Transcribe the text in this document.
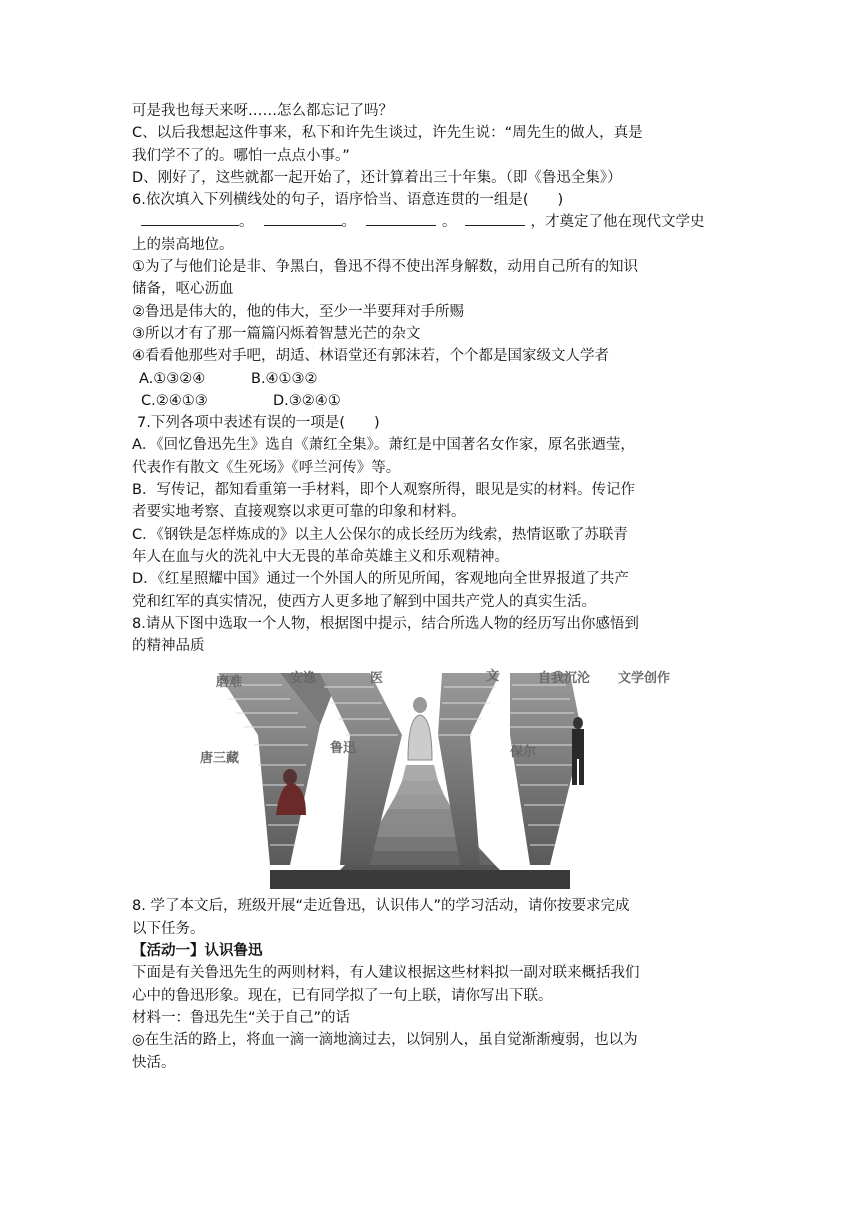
可是我也每天来呀……怎么都忘记了吗？

C、以后我想起这件事来，私下和许先生谈过，许先生说：“周先生的做人，真是

我们学不了的。哪怕一点点小事。”

D、刚好了，这些就都一起开始了，还计算着出三十年集。（即《鲁迅全集》）

6.依次填入下列横线处的句子，语序恰当、语意连贯的一组是(　　)

。	。	。	，才奠定了他在现代文学史

上的崇高地位。

①为了与他们论是非、争黑白，鲁迅不得不使出浑身解数，动用自己所有的知识

储备，呕心沥血

②鲁迅是伟大的，他的伟大，至少一半要拜对手所赐

③所以才有了那一篇篇闪烁着智慧光芒的杂文

④看看他那些对手吧，胡适、林语堂还有郭沫若，个个都是国家级文人学者

A.①③②④	B.④①③②

C.②④①③	D.③②④①

7.下列各项中表述有误的一项是(　　)

A．《回忆鲁迅先生》选自《萧红全集》。萧红是中国著名女作家，原名张迺莹，

代表作有散文《生死场》《呼兰河传》等。

B．写传记，都知看重第一手材料，即个人观察所得，眼见是实的材料。传记作

者要实地考察、直接观察以求更可靠的印象和材料。

C．《钢铁是怎样炼成的》以主人公保尔的成长经历为线索，热情讴歌了苏联青

年人在血与火的洗礼中大无畏的革命英雄主义和乐观精神。

D．《红星照耀中国》通过一个外国人的所见所闻，客观地向全世界报道了共产

党和红军的真实情况，使西方人更多地了解到中国共产党人的真实生活。

8.请从下图中选取一个人物，根据图中提示，结合所选人物的经历写出你感悟到

的精神品质

磨难	安逸	医	文	自我沉沦 文学创作
唐三藏
鲁迅	保尔

8. 学了本文后，班级开展“走近鲁迅，认识伟人”的学习活动，请你按要求完成

以下任务。

【活动一】认识鲁迅

下面是有关鲁迅先生的两则材料，有人建议根据这些材料拟一副对联来概括我们

心中的鲁迅形象。现在，已有同学拟了一句上联，请你写出下联。

材料一：鲁迅先生“关于自己”的话

◎在生活的路上，将血一滴一滴地滴过去，以饲别人，虽自觉渐渐瘦弱，也以为

快活。
